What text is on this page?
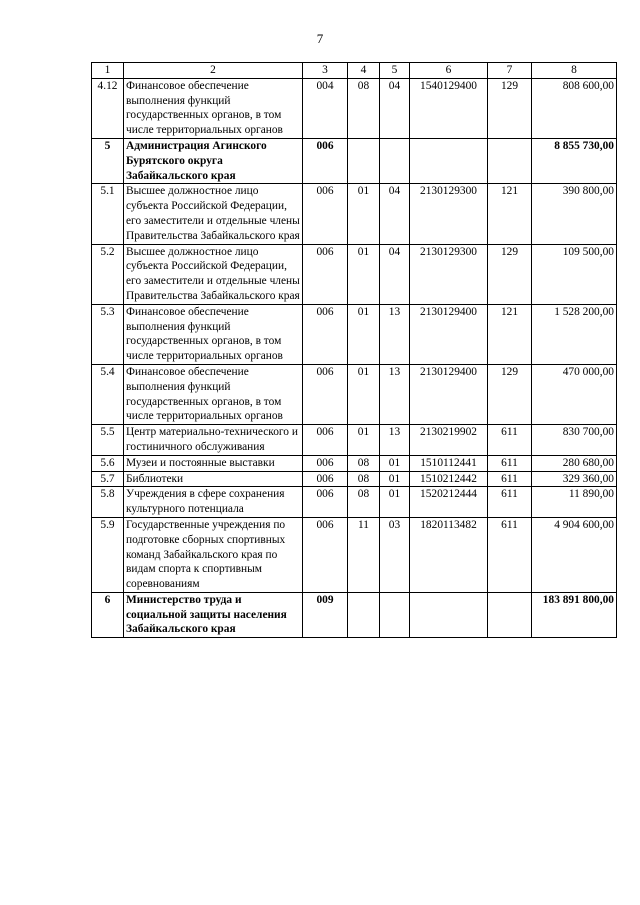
7
1	2	3	4	5	6	7	8
4.12	Финансовое обеспечение выполнения функций государственных органов, в том числе территориальных органов	004	08	04	1540129400	129	808 600,00
5	Администрация Агинского Бурятского округа Забайкальского края	006					8 855 730,00
5.1	Высшее должностное лицо субъекта Российской Федерации, его заместители и отдельные члены Правительства Забайкальского края	006	01	04	2130129300	121	390 800,00
5.2	Высшее должностное лицо субъекта Российской Федерации, его заместители и отдельные члены Правительства Забайкальского края	006	01	04	2130129300	129	109 500,00
5.3	Финансовое обеспечение выполнения функций государственных органов, в том числе территориальных органов	006	01	13	2130129400	121	1 528 200,00
5.4	Финансовое обеспечение выполнения функций государственных органов, в том числе территориальных органов	006	01	13	2130129400	129	470 000,00
5.5	Центр материально-технического и гостиничного обслуживания	006	01	13	2130219902	611	830 700,00
5.6	Музеи и постоянные выставки	006	08	01	1510112441	611	280 680,00
5.7	Библиотеки	006	08	01	1510212442	611	329 360,00
5.8	Учреждения в сфере сохранения культурного потенциала	006	08	01	1520212444	611	11 890,00
5.9	Государственные учреждения по подготовке сборных спортивных команд Забайкальского края по видам спорта к спортивным соревнованиям	006	11	03	1820113482	611	4 904 600,00
6	Министерство труда и социальной защиты населения Забайкальского края	009					183 891 800,00
